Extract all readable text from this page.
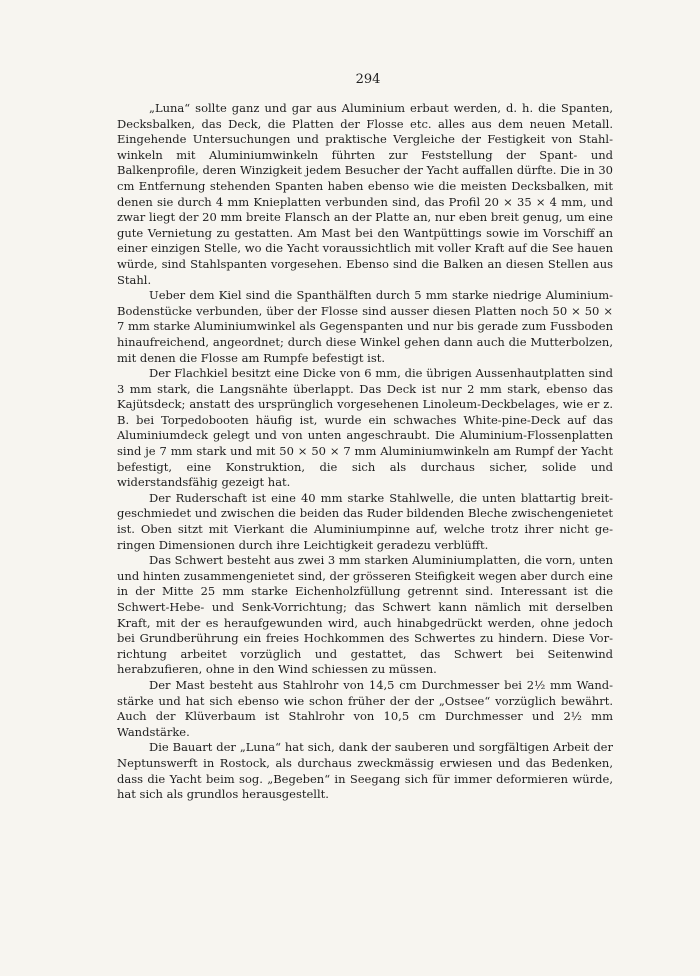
294

„Luna“ sollte ganz und gar aus Aluminium erbaut werden, d. h. die Spanten, Decksbalken, das Deck, die Platten der Flosse etc. alles aus dem neuen Metall. Eingehende Untersuchungen und praktische Vergleiche der Festigkeit von Stahlwinkeln mit Aluminiumwinkeln führten zur Feststellung der Spant- und Balkenprofile, deren Winzigkeit jedem Besucher der Yacht auffallen dürfte. Die in 30 cm Entfernung stehenden Spanten haben ebenso wie die meisten Decksbalken, mit denen sie durch 4 mm Knieplatten verbunden sind, das Profil 20 × 35 × 4 mm, und zwar liegt der 20 mm breite Flansch an der Platte an, nur eben breit genug, um eine gute Vernietung zu gestatten. Am Mast bei den Wantpüttings sowie im Vorschiff an einer einzigen Stelle, wo die Yacht voraussichtlich mit voller Kraft auf die See hauen würde, sind Stahlspanten vorgesehen. Ebenso sind die Balken an diesen Stellen aus Stahl.

Ueber dem Kiel sind die Spanthälften durch 5 mm starke niedrige Aluminium-Bodenstücke verbunden, über der Flosse sind ausser diesen Platten noch 50 × 50 × 7 mm starke Aluminiumwinkel als Gegenspanten und nur bis gerade zum Fussboden hinaufreichend, angeordnet; durch diese Winkel gehen dann auch die Mutterbolzen, mit denen die Flosse am Rumpfe befestigt ist.

Der Flachkiel besitzt eine Dicke von 6 mm, die übrigen Aussenhautplatten sind 3 mm stark, die Langsnähte überlappt. Das Deck ist nur 2 mm stark, ebenso das Kajütsdeck; anstatt des ursprünglich vorgesehenen Linoleum-Deckbelages, wie er z. B. bei Torpedobooten häufig ist, wurde ein schwaches White-pine-Deck auf das Aluminiumdeck gelegt und von unten angeschraubt. Die Aluminium-Flossenplatten sind je 7 mm stark und mit 50 × 50 × 7 mm Aluminiumwinkeln am Rumpf der Yacht befestigt, eine Konstruktion, die sich als durchaus sicher, solide und widerstandsfähig gezeigt hat.

Der Ruderschaft ist eine 40 mm starke Stahlwelle, die unten blattartig breitgeschmiedet und zwischen die beiden das Ruder bildenden Bleche zwischengenietet ist. Oben sitzt mit Vierkant die Aluminiumpinne auf, welche trotz ihrer nicht geringen Dimensionen durch ihre Leichtigkeit geradezu verblüfft.

Das Schwert besteht aus zwei 3 mm starken Aluminiumplatten, die vorn, unten und hinten zusammengenietet sind, der grösseren Steifigkeit wegen aber durch eine in der Mitte 25 mm starke Eichenholzfüllung getrennt sind. Interessant ist die Schwert-Hebe- und Senk-Vorrichtung; das Schwert kann nämlich mit derselben Kraft, mit der es heraufgewunden wird, auch hinabgedrückt werden, ohne jedoch bei Grundberührung ein freies Hochkommen des Schwertes zu hindern. Diese Vorrichtung arbeitet vorzüglich und gestattet, das Schwert bei Seitenwind herabzufieren, ohne in den Wind schiessen zu müssen.

Der Mast besteht aus Stahlrohr von 14,5 cm Durchmesser bei 2½ mm Wandstärke und hat sich ebenso wie schon früher der der „Ostsee“ vorzüglich bewährt. Auch der Klüverbaum ist Stahlrohr von 10,5 cm Durchmesser und 2½ mm Wandstärke.

Die Bauart der „Luna“ hat sich, dank der sauberen und sorgfältigen Arbeit der Neptunswerft in Rostock, als durchaus zweckmässig erwiesen und das Bedenken, dass die Yacht beim sog. „Begeben“ in Seegang sich für immer deformieren würde, hat sich als grundlos herausgestellt.
